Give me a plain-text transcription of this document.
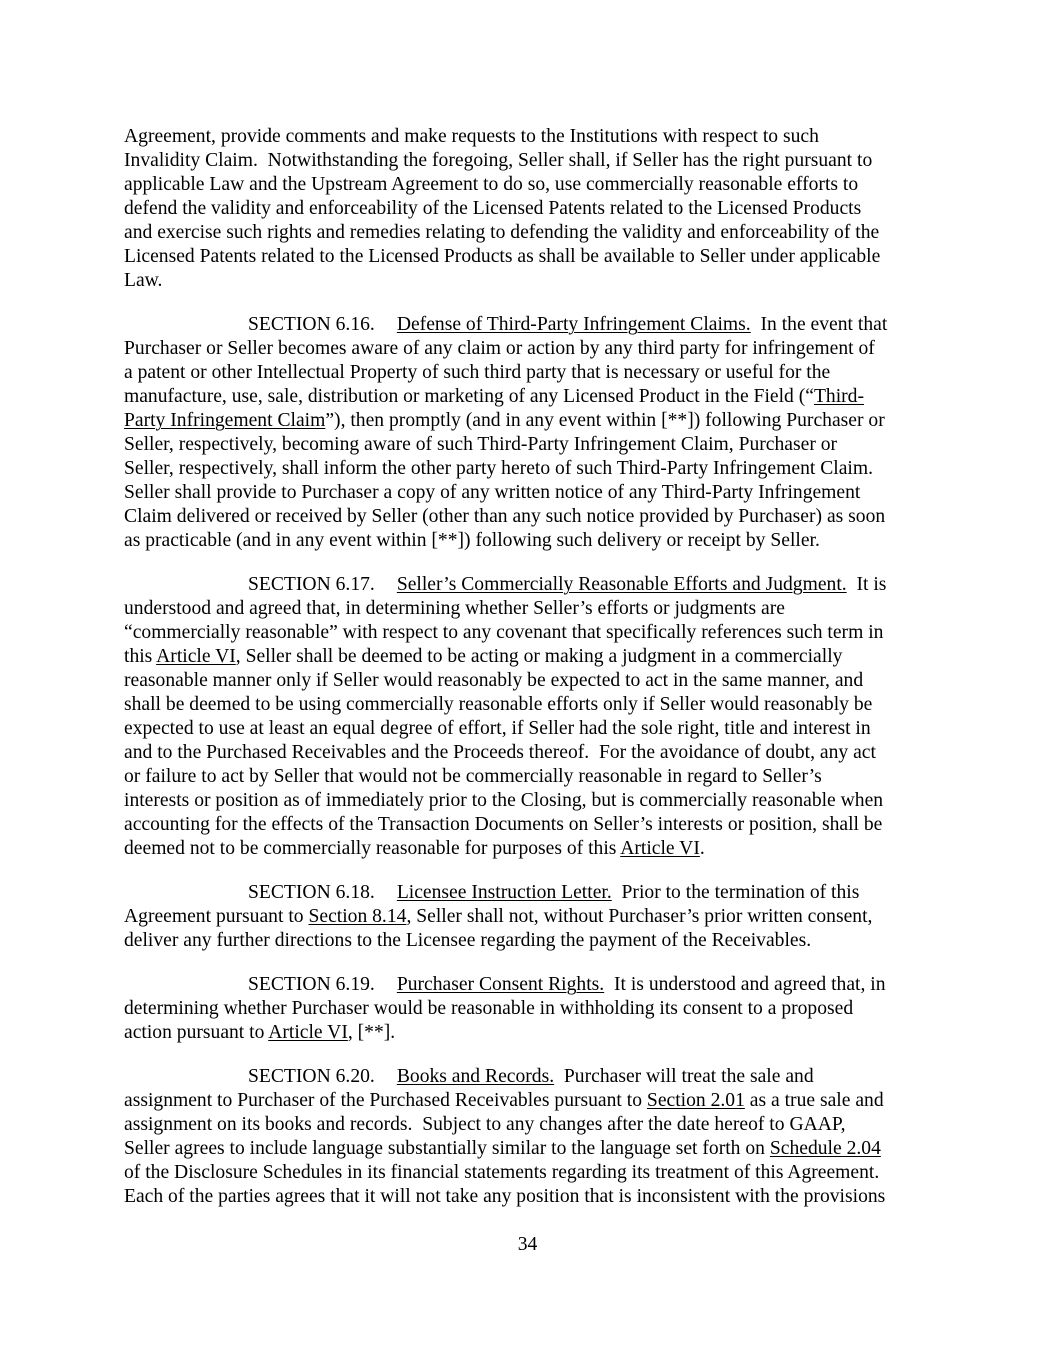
Agreement, provide comments and make requests to the Institutions with respect to such
Invalidity Claim.  Notwithstanding the foregoing, Seller shall, if Seller has the right pursuant to
applicable Law and the Upstream Agreement to do so, use commercially reasonable efforts to
defend the validity and enforceability of the Licensed Patents related to the Licensed Products
and exercise such rights and remedies relating to defending the validity and enforceability of the
Licensed Patents related to the Licensed Products as shall be available to Seller under applicable
Law.
SECTION 6.16. Defense of Third-Party Infringement Claims. In the event that
Purchaser or Seller becomes aware of any claim or action by any third party for infringement of
a patent or other Intellectual Property of such third party that is necessary or useful for the
manufacture, use, sale, distribution or marketing of any Licensed Product in the Field (“Third-
Party Infringement Claim”), then promptly (and in any event within [**]) following Purchaser or
Seller, respectively, becoming aware of such Third-Party Infringement Claim, Purchaser or
Seller, respectively, shall inform the other party hereto of such Third-Party Infringement Claim.
Seller shall provide to Purchaser a copy of any written notice of any Third-Party Infringement
Claim delivered or received by Seller (other than any such notice provided by Purchaser) as soon
as practicable (and in any event within [**]) following such delivery or receipt by Seller.
SECTION 6.17. Seller’s Commercially Reasonable Efforts and Judgment. It is
understood and agreed that, in determining whether Seller’s efforts or judgments are
“commercially reasonable” with respect to any covenant that specifically references such term in
this Article VI, Seller shall be deemed to be acting or making a judgment in a commercially
reasonable manner only if Seller would reasonably be expected to act in the same manner, and
shall be deemed to be using commercially reasonable efforts only if Seller would reasonably be
expected to use at least an equal degree of effort, if Seller had the sole right, title and interest in
and to the Purchased Receivables and the Proceeds thereof.  For the avoidance of doubt, any act
or failure to act by Seller that would not be commercially reasonable in regard to Seller’s
interests or position as of immediately prior to the Closing, but is commercially reasonable when
accounting for the effects of the Transaction Documents on Seller’s interests or position, shall be
deemed not to be commercially reasonable for purposes of this Article VI.
SECTION 6.18. Licensee Instruction Letter. Prior to the termination of this
Agreement pursuant to Section 8.14, Seller shall not, without Purchaser’s prior written consent,
deliver any further directions to the Licensee regarding the payment of the Receivables.
SECTION 6.19. Purchaser Consent Rights. It is understood and agreed that, in
determining whether Purchaser would be reasonable in withholding its consent to a proposed
action pursuant to Article VI, [**].
SECTION 6.20. Books and Records. Purchaser will treat the sale and
assignment to Purchaser of the Purchased Receivables pursuant to Section 2.01 as a true sale and
assignment on its books and records.  Subject to any changes after the date hereof to GAAP,
Seller agrees to include language substantially similar to the language set forth on Schedule 2.04
of the Disclosure Schedules in its financial statements regarding its treatment of this Agreement.
Each of the parties agrees that it will not take any position that is inconsistent with the provisions
34
